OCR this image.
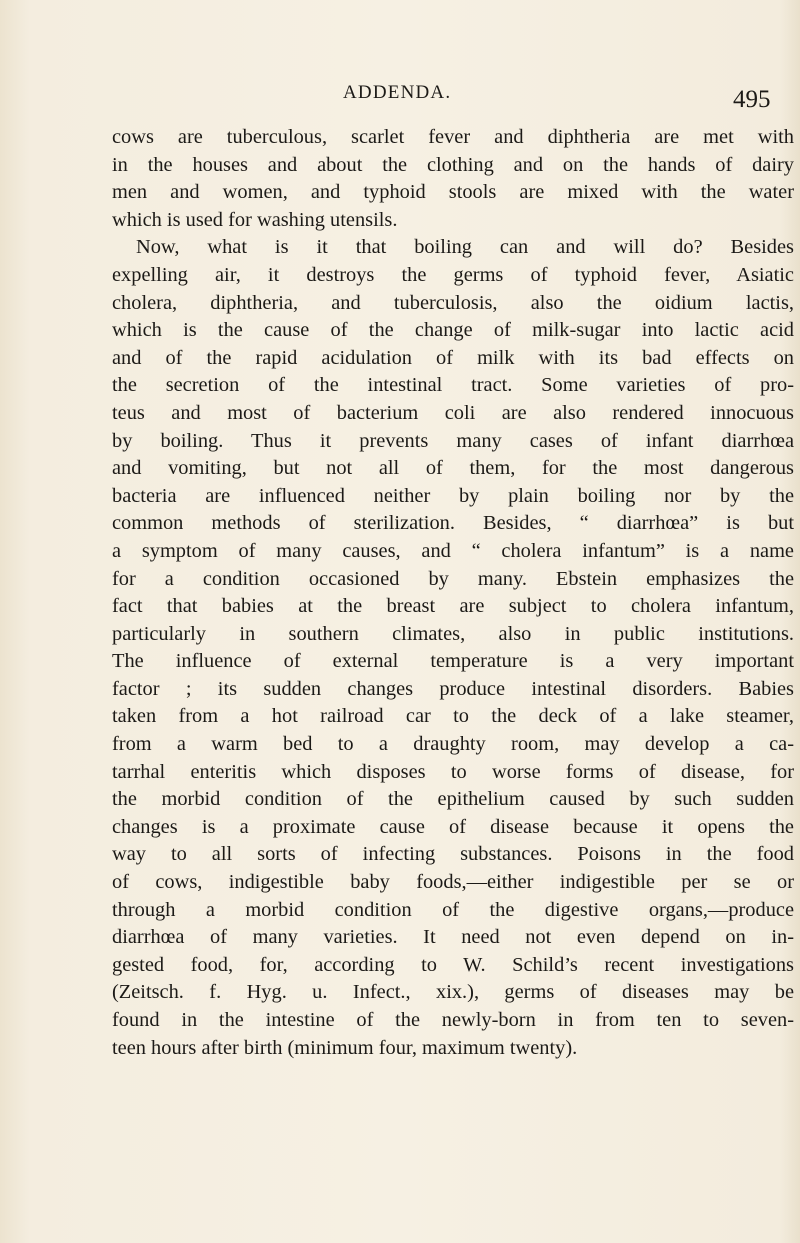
ADDENDA.	495
cows are tuberculous, scarlet fever and diphtheria are met with
in the houses and about the clothing and on the hands of dairy
men and women, and typhoid stools are mixed with the water
which is used for washing utensils.
Now, what is it that boiling can and will do? Besides
expelling air, it destroys the germs of typhoid fever, Asiatic
cholera, diphtheria, and tuberculosis, also the oidium lactis,
which is the cause of the change of milk-sugar into lactic acid
and of the rapid acidulation of milk with its bad effects on
the secretion of the intestinal tract. Some varieties of pro-
teus and most of bacterium coli are also rendered innocuous
by boiling. Thus it prevents many cases of infant diarrhœa
and vomiting, but not all of them, for the most dangerous
bacteria are influenced neither by plain boiling nor by the
common methods of sterilization. Besides, “ diarrhœa” is but
a symptom of many causes, and “ cholera infantum” is a name
for a condition occasioned by many. Ebstein emphasizes the
fact that babies at the breast are subject to cholera infantum,
particularly in southern climates, also in public institutions.
The influence of external temperature is a very important
factor ; its sudden changes produce intestinal disorders. Babies
taken from a hot railroad car to the deck of a lake steamer,
from a warm bed to a draughty room, may develop a ca-
tarrhal enteritis which disposes to worse forms of disease, for
the morbid condition of the epithelium caused by such sudden
changes is a proximate cause of disease because it opens the
way to all sorts of infecting substances. Poisons in the food
of cows, indigestible baby foods,—either indigestible per se or
through a morbid condition of the digestive organs,—produce
diarrhœa of many varieties. It need not even depend on in-
gested food, for, according to W. Schild’s recent investigations
(Zeitsch. f. Hyg. u. Infect., xix.), germs of diseases may be
found in the intestine of the newly-born in from ten to seven-
teen hours after birth (minimum four, maximum twenty).
